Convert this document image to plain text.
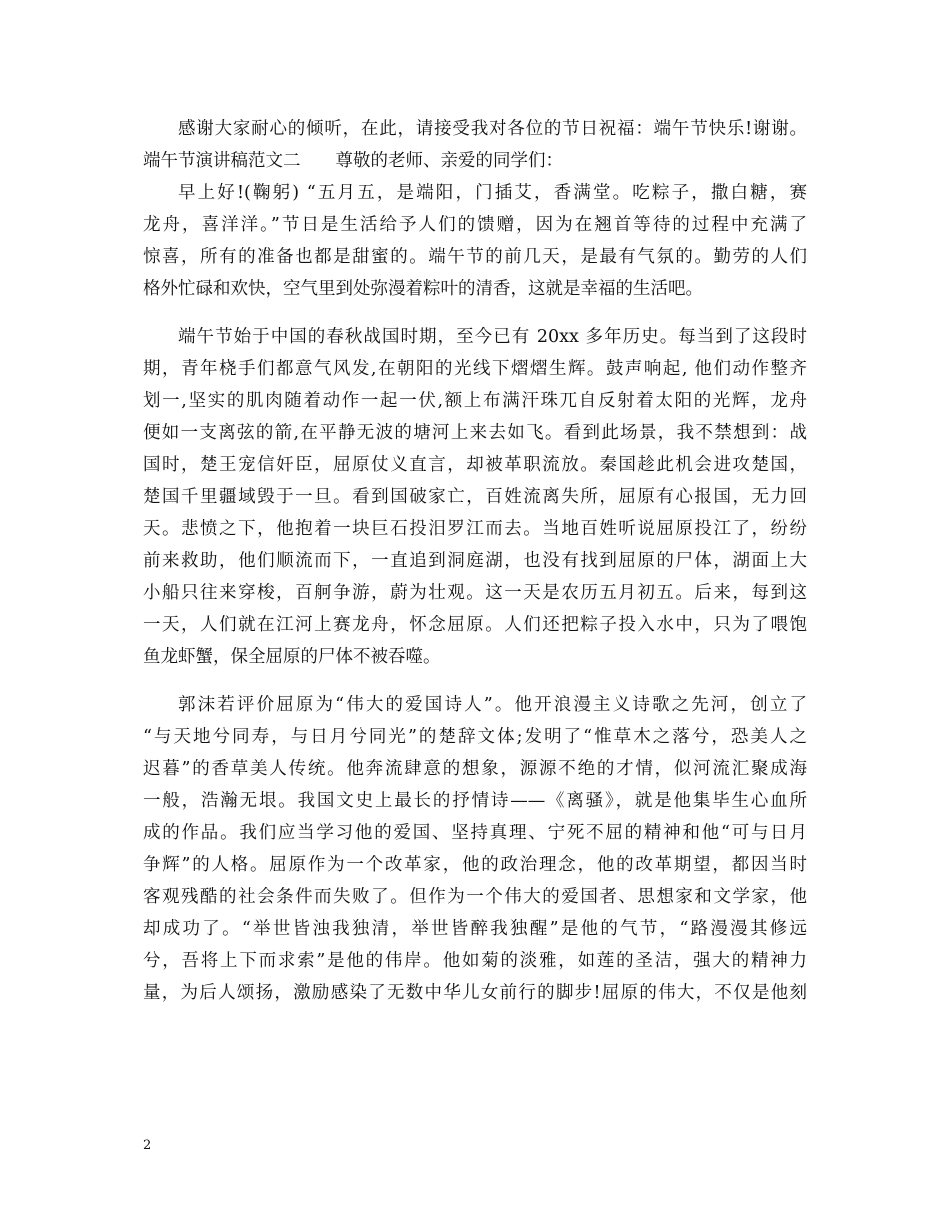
感谢大家耐心的倾听，在此，请接受我对各位的节日祝福：端午节快乐!谢谢。
端午节演讲稿范文二　　尊敬的老师、亲爱的同学们：
早上好!(鞠躬) “五月五，是端阳，门插艾，香满堂。吃粽子，撒白糖，赛
龙舟，喜洋洋。”节日是生活给予人们的馈赠，因为在翘首等待的过程中充满了
惊喜，所有的准备也都是甜蜜的。端午节的前几天，是最有气氛的。勤劳的人们
格外忙碌和欢快，空气里到处弥漫着粽叶的清香，这就是幸福的生活吧。
端午节始于中国的春秋战国时期，至今已有 20xx 多年历史。每当到了这段时
期，青年桡手们都意气风发,在朝阳的光线下熠熠生辉。鼓声响起, 他们动作整齐
划一,坚实的肌肉随着动作一起一伏,额上布满汗珠兀自反射着太阳的光辉，龙舟
便如一支离弦的箭,在平静无波的塘河上来去如飞。看到此场景，我不禁想到：战
国时，楚王宠信奸臣，屈原仗义直言，却被革职流放。秦国趁此机会进攻楚国，
楚国千里疆域毁于一旦。看到国破家亡，百姓流离失所，屈原有心报国，无力回
天。悲愤之下，他抱着一块巨石投汨罗江而去。当地百姓听说屈原投江了，纷纷
前来救助，他们顺流而下，一直追到洞庭湖，也没有找到屈原的尸体，湖面上大
小船只往来穿梭，百舸争游，蔚为壮观。这一天是农历五月初五。后来，每到这
一天，人们就在江河上赛龙舟，怀念屈原。人们还把粽子投入水中，只为了喂饱
鱼龙虾蟹，保全屈原的尸体不被吞噬。
郭沫若评价屈原为“伟大的爱国诗人”。他开浪漫主义诗歌之先河，创立了
“与天地兮同寿，与日月兮同光”的楚辞文体;发明了“惟草木之落兮，恐美人之
迟暮”的香草美人传统。他奔流肆意的想象，源源不绝的才情，似河流汇聚成海
一般，浩瀚无垠。我国文史上最长的抒情诗——《离骚》，就是他集毕生心血所
成的作品。我们应当学习他的爱国、坚持真理、宁死不屈的精神和他“可与日月
争辉”的人格。屈原作为一个改革家，他的政治理念，他的改革期望，都因当时
客观残酷的社会条件而失败了。但作为一个伟大的爱国者、思想家和文学家，他
却成功了。“举世皆浊我独清，举世皆醉我独醒”是他的气节，“路漫漫其修远
兮，吾将上下而求索”是他的伟岸。他如菊的淡雅，如莲的圣洁，强大的精神力
量，为后人颂扬，激励感染了无数中华儿女前行的脚步!屈原的伟大，不仅是他刻
2
